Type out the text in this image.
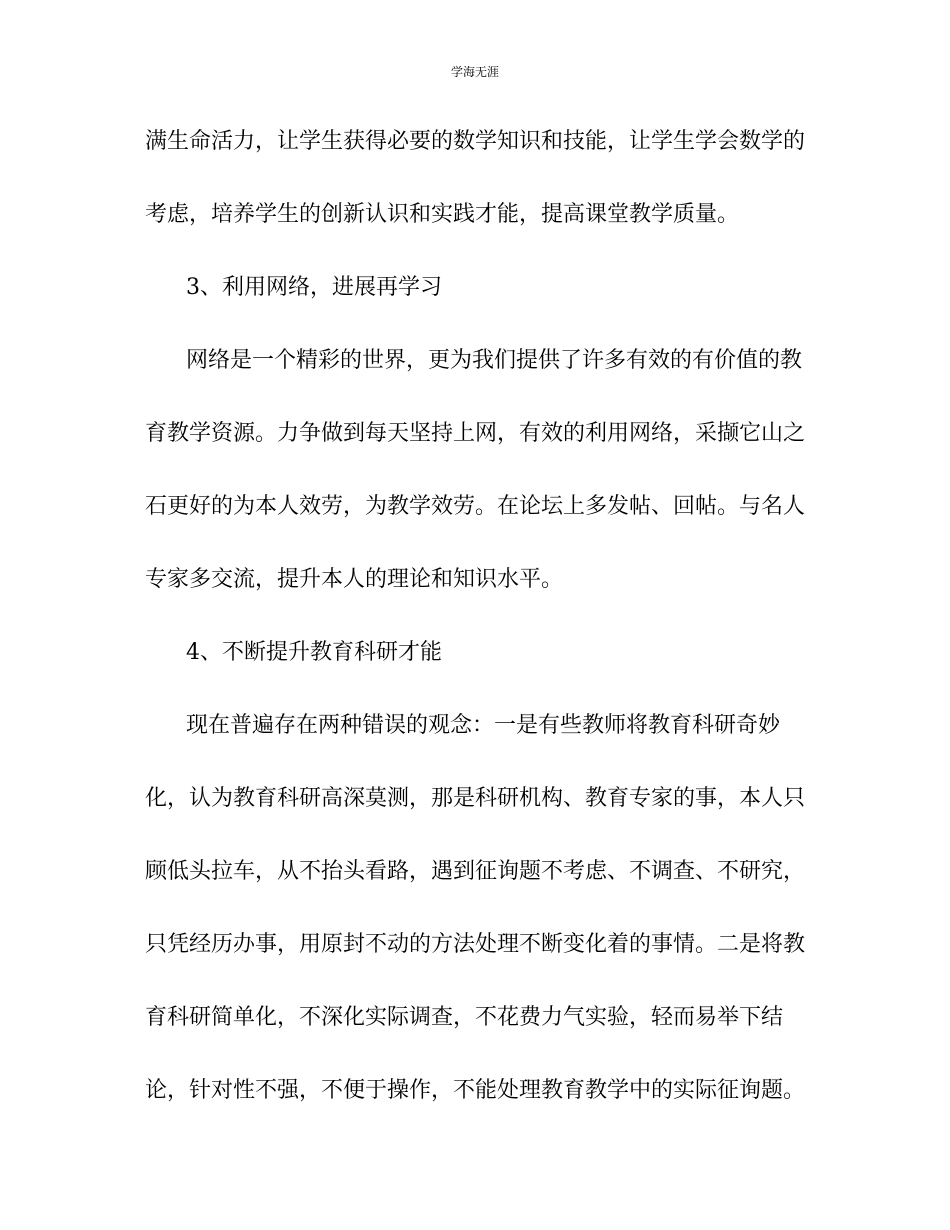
学海无涯
满生命活力，让学生获得必要的数学知识和技能，让学生学会数学的
考虑，培养学生的创新认识和实践才能，提高课堂教学质量。
3、利用网络，进展再学习
网络是一个精彩的世界，更为我们提供了许多有效的有价值的教
育教学资源。力争做到每天坚持上网，有效的利用网络，采撷它山之
石更好的为本人效劳，为教学效劳。在论坛上多发帖、回帖。与名人
专家多交流，提升本人的理论和知识水平。
4、不断提升教育科研才能
现在普遍存在两种错误的观念：一是有些教师将教育科研奇妙
化，认为教育科研高深莫测，那是科研机构、教育专家的事，本人只
顾低头拉车，从不抬头看路，遇到征询题不考虑、不调查、不研究，
只凭经历办事，用原封不动的方法处理不断变化着的事情。二是将教
育科研简单化，不深化实际调查，不花费力气实验，轻而易举下结
论，针对性不强，不便于操作，不能处理教育教学中的实际征询题。
